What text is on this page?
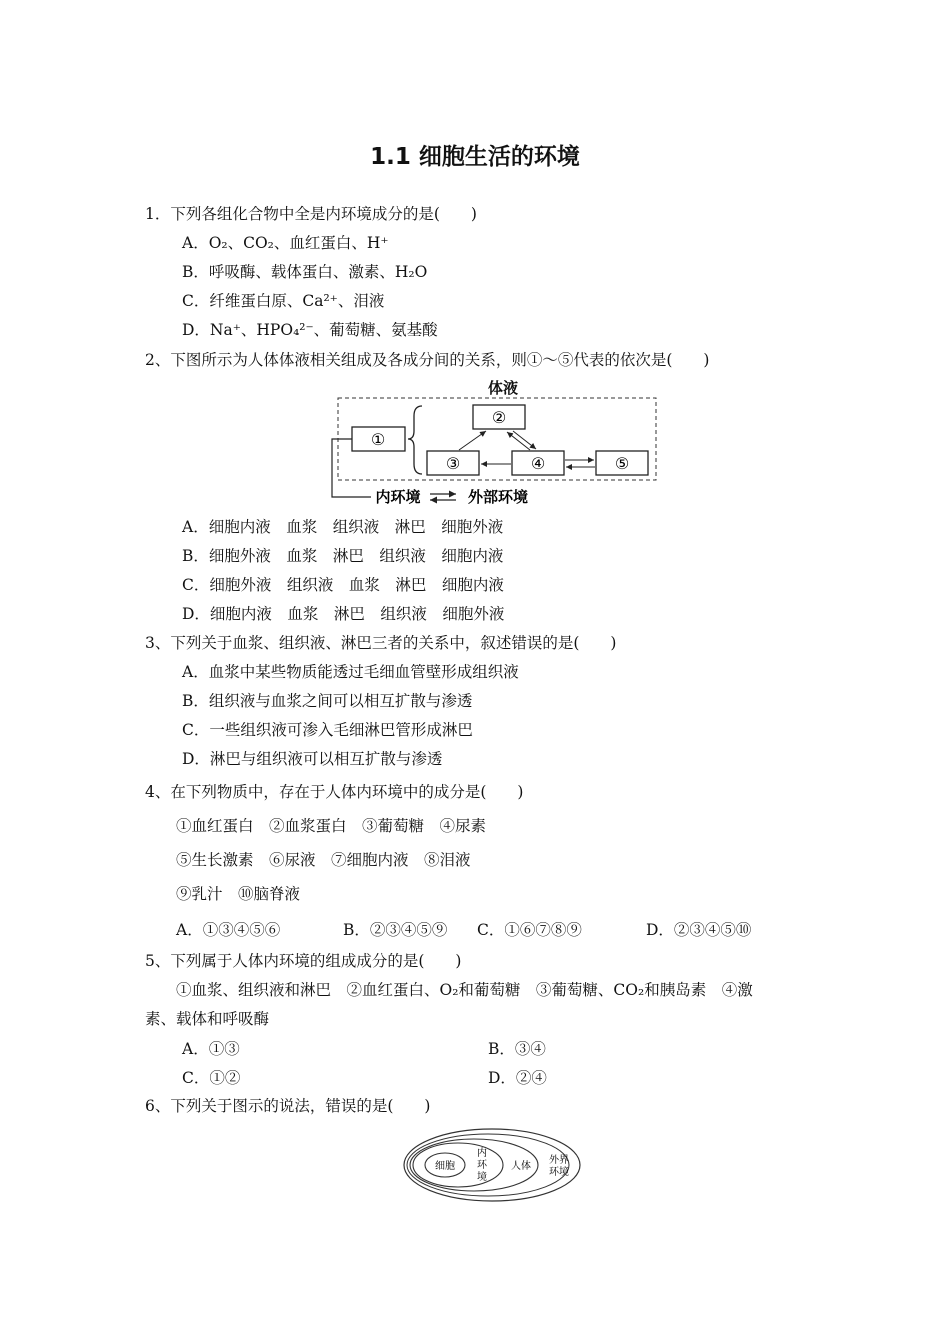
1.1 细胞生活的环境
1．下列各组化合物中全是内环境成分的是(　　)
A．O₂、CO₂、血红蛋白、H⁺
B．呼吸酶、载体蛋白、激素、H₂O
C．纤维蛋白原、Ca²⁺、泪液
D．Na⁺、HPO₄²⁻、葡萄糖、氨基酸
2、下图所示为人体体液相关组成及各成分间的关系，则①～⑤代表的依次是(　　)
体液
①
②
③	④	⑤
内环境	外部环境
A．细胞内液　血浆　组织液　淋巴　细胞外液
B．细胞外液　血浆　淋巴　组织液　细胞内液
C．细胞外液　组织液　血浆　淋巴　细胞内液
D．细胞内液　血浆　淋巴　组织液　细胞外液
3、下列关于血浆、组织液、淋巴三者的关系中，叙述错误的是(　　)
A．血浆中某些物质能透过毛细血管壁形成组织液
B．组织液与血浆之间可以相互扩散与渗透
C．一些组织液可渗入毛细淋巴管形成淋巴
D．淋巴与组织液可以相互扩散与渗透
4、在下列物质中，存在于人体内环境中的成分是(　　)
①血红蛋白　②血浆蛋白　③葡萄糖　④尿素
⑤生长激素　⑥尿液　⑦细胞内液　⑧泪液
⑨乳汁　⑩脑脊液
A．①③④⑤⑥	B．②③④⑤⑨ C．①⑥⑦⑧⑨	D．②③④⑤⑩
5、下列属于人体内环境的组成成分的是(　　)
①血浆、组织液和淋巴　②血红蛋白、O₂和葡萄糖　③葡萄糖、CO₂和胰岛素　④激
素、载体和呼吸酶
A．①③	B．③④
C．①②	D．②④
6、下列关于图示的说法，错误的是(　　)
细胞
内
环
境
人体
外界
环境
